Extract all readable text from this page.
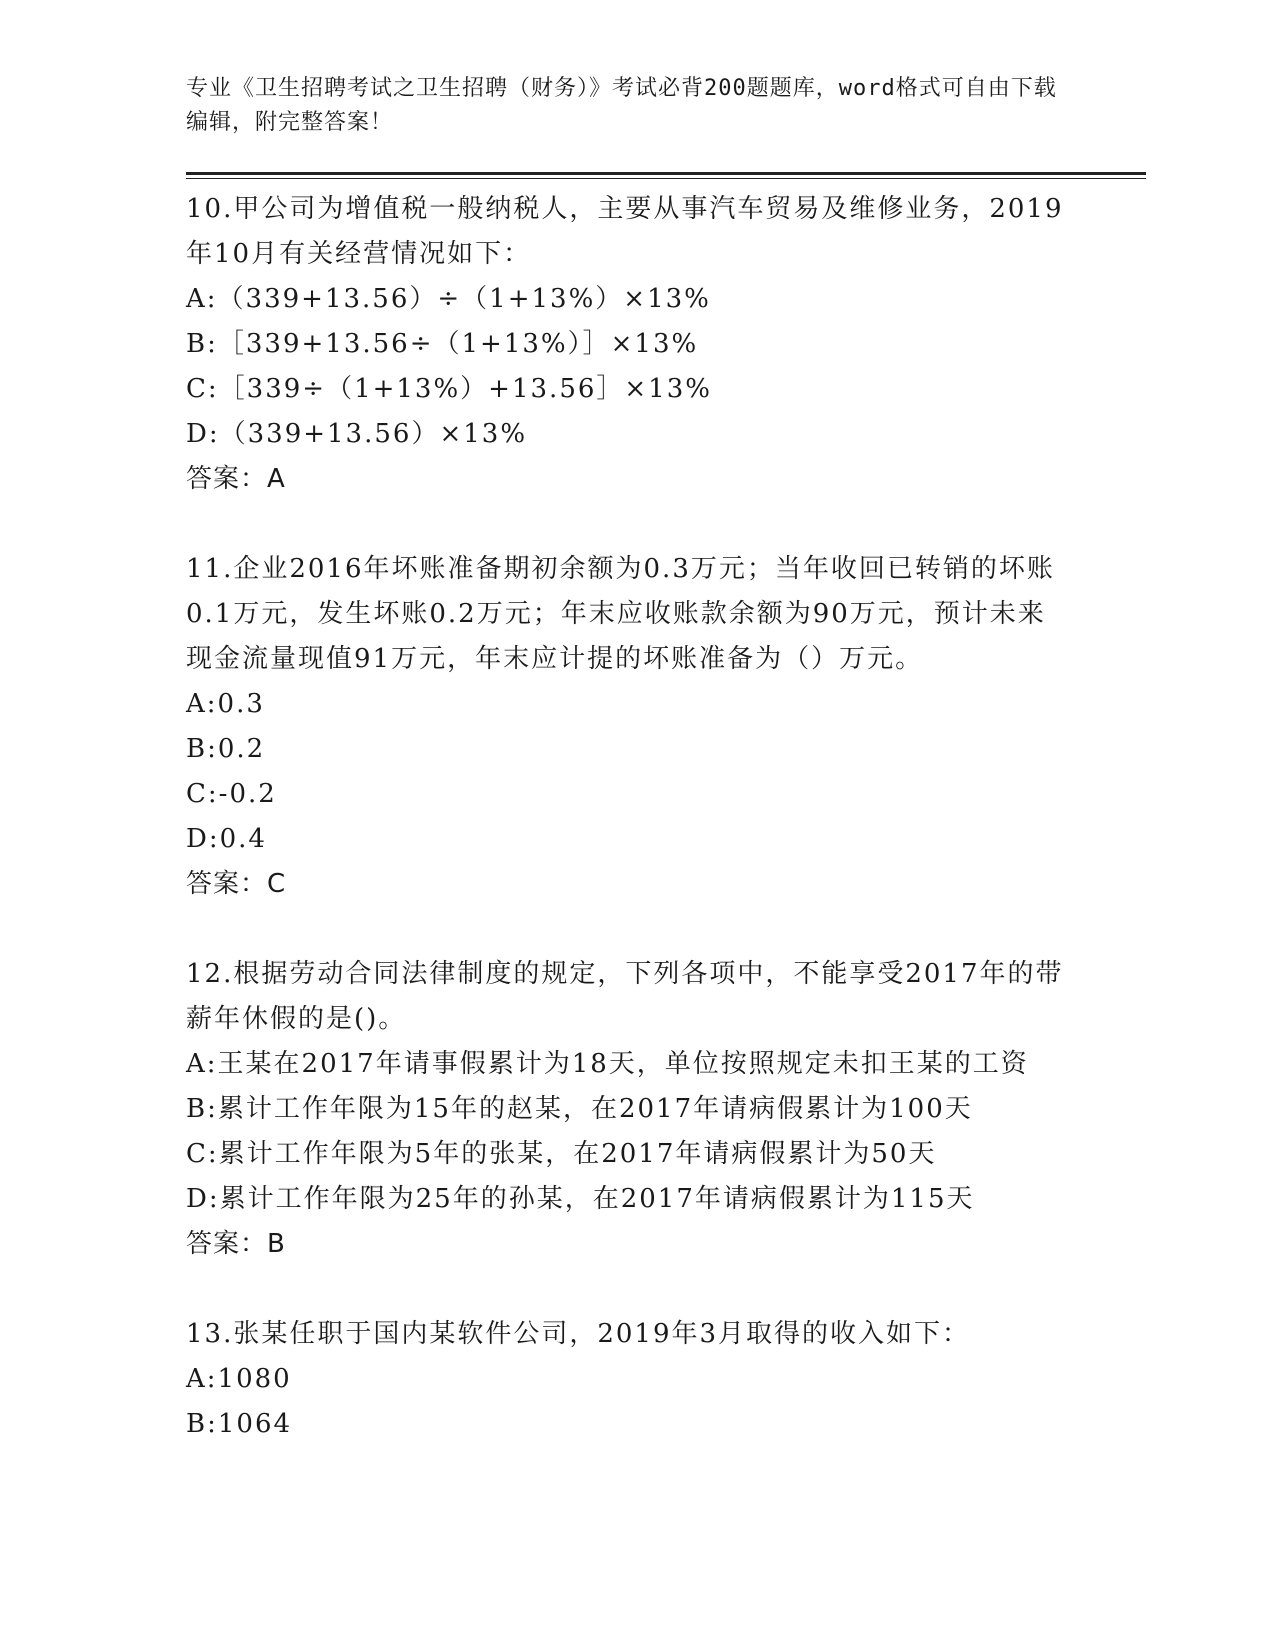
专业《卫生招聘考试之卫生招聘（财务）》考试必背200题题库，word格式可自由下载编辑，附完整答案！

10.甲公司为增值税一般纳税人，主要从事汽车贸易及维修业务，2019年10月有关经营情况如下：

A:（339+13.56）÷（1+13%）×13%

B:［339+13.56÷（1+13%）］×13%

C:［339÷（1+13%）+13.56］×13%

D:（339+13.56）×13%

答案：A

11.企业2016年坏账准备期初余额为0.3万元；当年收回已转销的坏账0.1万元，发生坏账0.2万元；年末应收账款余额为90万元，预计未来现金流量现值91万元，年末应计提的坏账准备为（）万元。

A:0.3

B:0.2

C:-0.2

D:0.4

答案：C

12.根据劳动合同法律制度的规定，下列各项中，不能享受2017年的带薪年休假的是()。

A:王某在2017年请事假累计为18天，单位按照规定未扣王某的工资

B:累计工作年限为15年的赵某，在2017年请病假累计为100天

C:累计工作年限为5年的张某，在2017年请病假累计为50天

D:累计工作年限为25年的孙某，在2017年请病假累计为115天

答案：B

13.张某任职于国内某软件公司，2019年3月取得的收入如下：

A:1080

B:1064
